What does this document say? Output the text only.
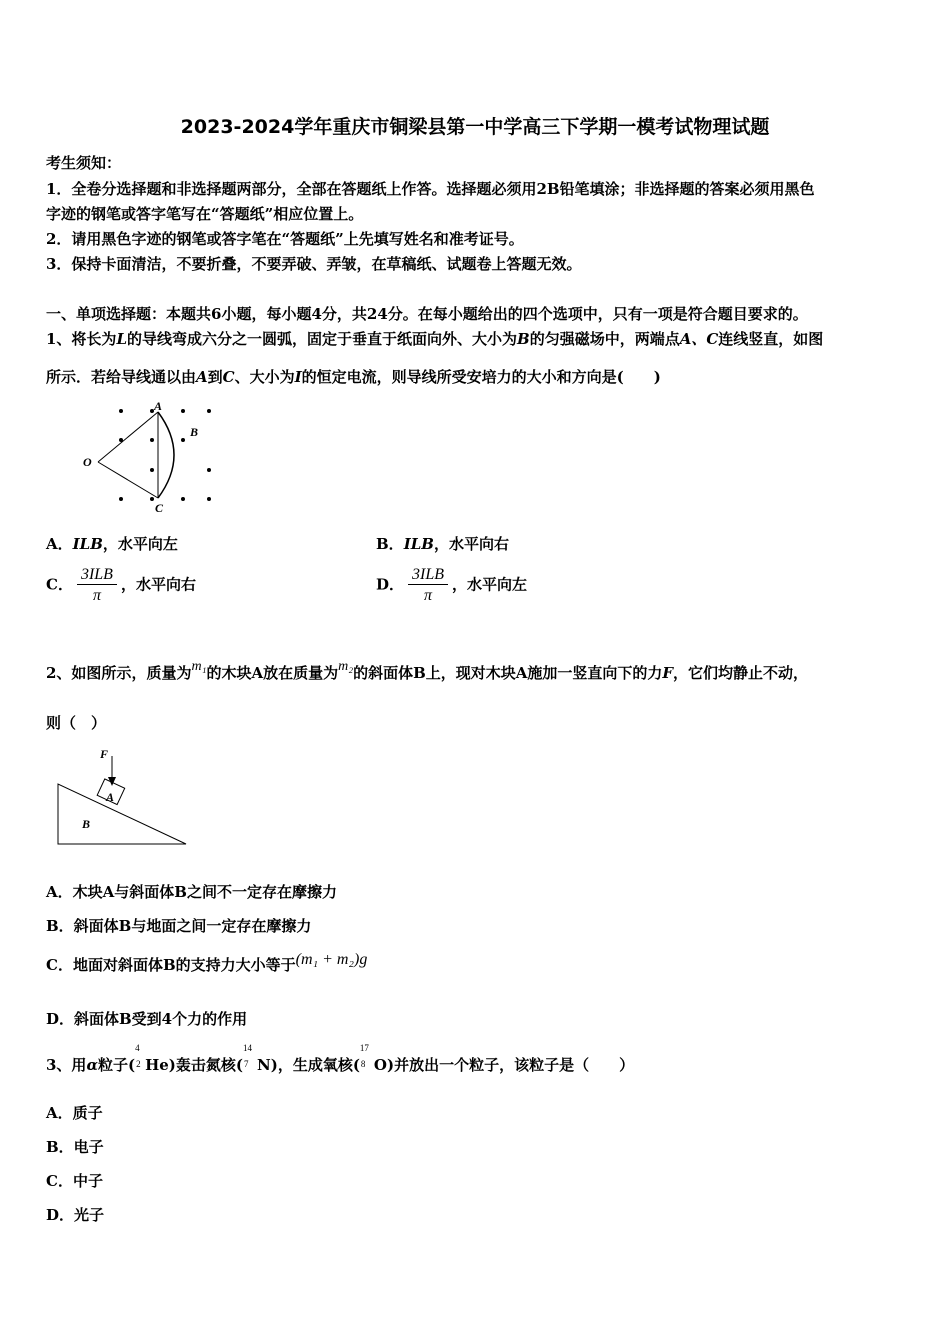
2023-2024学年重庆市铜梁县第一中学高三下学期一模考试物理试题
考生须知：
1．全卷分选择题和非选择题两部分，全部在答题纸上作答。选择题必须用2B铅笔填涂；非选择题的答案必须用黑色
字迹的钢笔或答字笔写在“答题纸”相应位置上。
2．请用黑色字迹的钢笔或答字笔在“答题纸”上先填写姓名和准考证号。
3．保持卡面清洁，不要折叠，不要弄破、弄皱，在草稿纸、试题卷上答题无效。
一、单项选择题：本题共6小题，每小题4分，共24分。在每小题给出的四个选项中，只有一项是符合题目要求的。
1、将长为L的导线弯成六分之一圆弧，固定于垂直于纸面向外、大小为B的匀强磁场中，两端点A、C连线竖直，如图
所示．若给导线通以由A到C、大小为I的恒定电流，则导线所受安培力的大小和方向是(　　)
A
B
C
O
A．ILB，水平向左	B．ILB，水平向右
C． $\frac{\text{3ILB}}{\pi}$ ，水平向右	D． $\frac{\text{3ILB}}{\pi}$ ，水平向左
2、如图所示，质量为m₁的木块A放在质量为m₂的斜面体B上，现对木块A施加一竖直向下的力F，它们均静止不动，
则（　）
F
A
B
A．木块A与斜面体B之间不一定存在摩擦力
B．斜面体B与地面之间一定存在摩擦力
C．地面对斜面体B的支持力大小等于(m₁ + m₂)g
D．斜面体B受到4个力的作用
3、用α粒子(
4
2 He)轰击氮核(
14
7 N)，生成氧核(
17
8 O)并放出一个粒子，该粒子是（　　）
A．质子
B．电子
C．中子
D．光子
